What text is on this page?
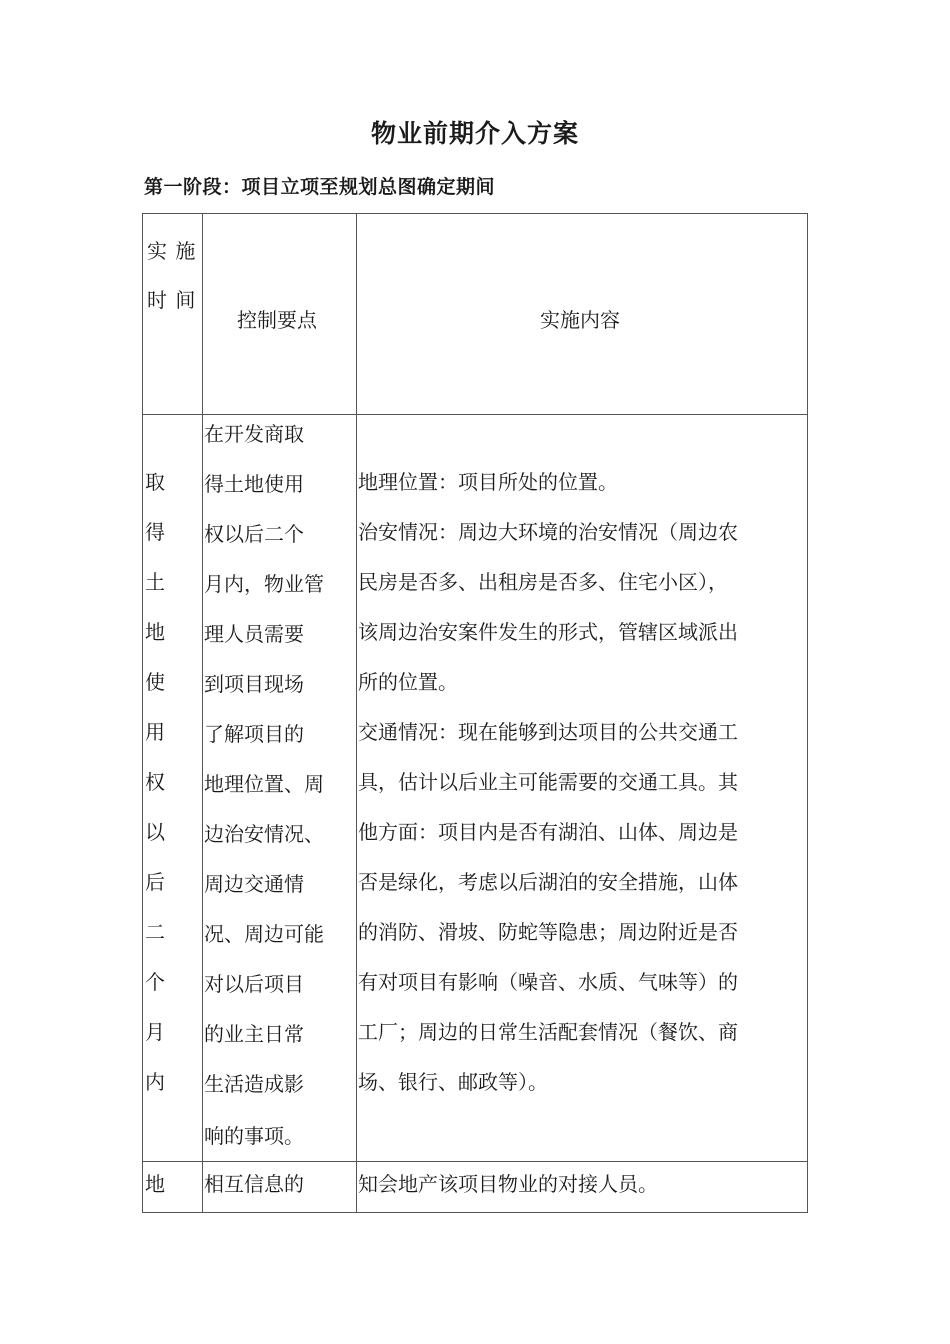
物业前期介入方案
第一阶段：项目立项至规划总图确定期间
实 施
时 间
控制要点	实施内容
取
得
土
地
使
用
权
以
后
二
个
月
内
在开发商取
得土地使用
权以后二个
月内，物业管
理人员需要
到项目现场
了解项目的
地理位置、周
边治安情况、
周边交通情
况、周边可能
对以后项目
的业主日常
生活造成影
响的事项。
地理位置：项目所处的位置。
治安情况：周边大环境的治安情况（周边农
民房是否多、出租房是否多、住宅小区），
该周边治安案件发生的形式，管辖区域派出
所的位置。
交通情况：现在能够到达项目的公共交通工
具，估计以后业主可能需要的交通工具。其
他方面：项目内是否有湖泊、山体、周边是
否是绿化，考虑以后湖泊的安全措施，山体
的消防、滑坡、防蛇等隐患；周边附近是否
有对项目有影响（噪音、水质、气味等）的
工厂；周边的日常生活配套情况（餐饮、商
场、银行、邮政等）。
地 相互信息的	知会地产该项目物业的对接人员。
